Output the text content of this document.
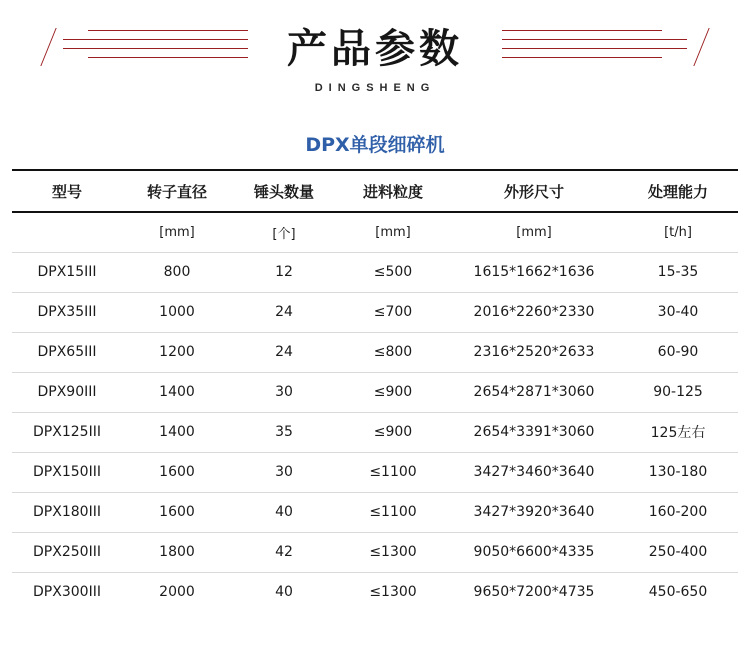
产品参数
DINGSHENG
DPX单段细碎机
型号	转子直径	锤头数量	进料粒度	外形尺寸	处理能力
	[mm]	[个]	[mm]	[mm]	[t/h]
DPX15III	800	12	≤500	1615*1662*1636	15-35
DPX35III	1000	24	≤700	2016*2260*2330	30-40
DPX65III	1200	24	≤800	2316*2520*2633	60-90
DPX90III	1400	30	≤900	2654*2871*3060	90-125
DPX125III	1400	35	≤900	2654*3391*3060	125左右
DPX150III	1600	30	≤1100	3427*3460*3640	130-180
DPX180III	1600	40	≤1100	3427*3920*3640	160-200
DPX250III	1800	42	≤1300	9050*6600*4335	250-400
DPX300III	2000	40	≤1300	9650*7200*4735	450-650
